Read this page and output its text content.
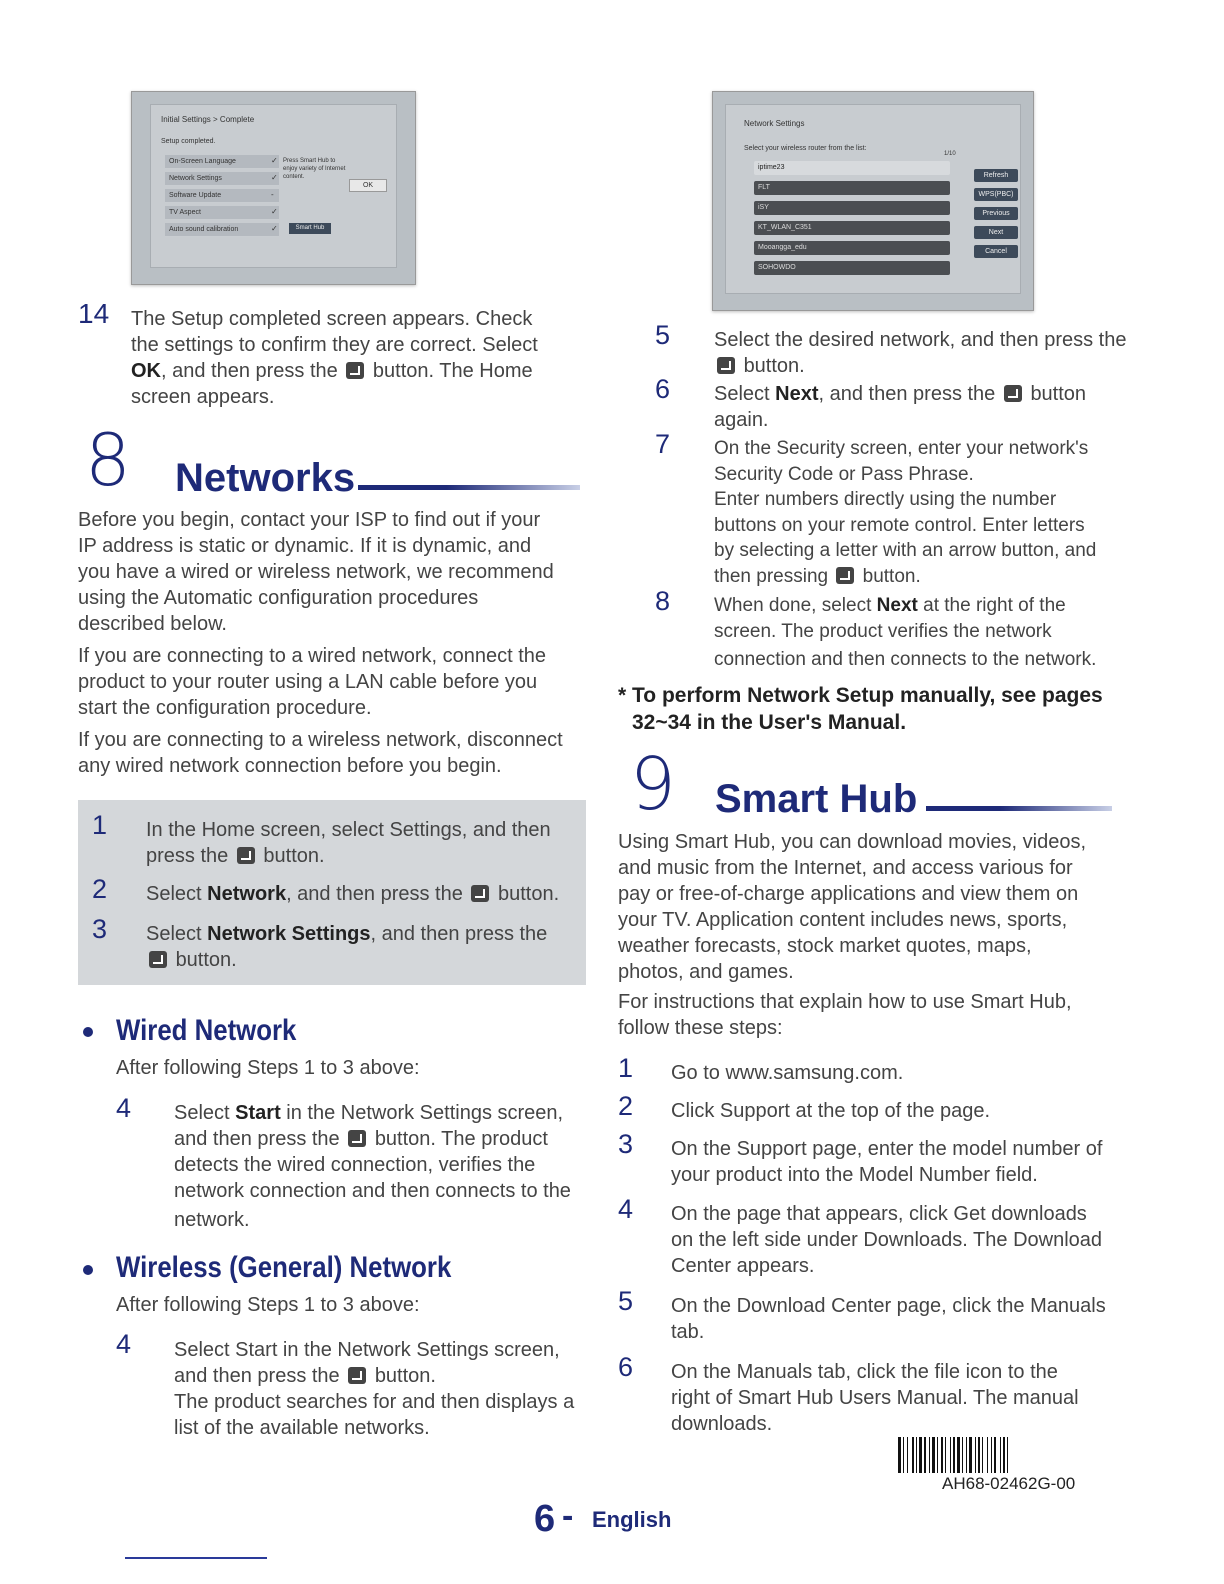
Initial Settings > Complete
Setup completed.
On-Screen Language
Network Settings
Software Update
TV Aspect
Auto sound calibration
✓
✓
-
✓
✓
Press Smart Hub to enjoy variety of Internet content.
OK
Smart Hub
Network Settings
Select your wireless router from the list:
1/10
iptime23
FLT
iSY
KT_WLAN_C351
Mooangga_edu
SOHOWDO
Refresh
WPS(PBC)
Previous
Next
Cancel
14 The Setup completed screen appears. Check
the settings to confirm they are correct. Select
OK, and then press the button. The Home
screen appears.
8 Networks
Before you begin, contact your ISP to find out if your
IP address is static or dynamic. If it is dynamic, and
you have a wired or wireless network, we recommend
using the Automatic configuration procedures
described below.
If you are connecting to a wired network, connect the
product to your router using a LAN cable before you
start the configuration procedure.
If you are connecting to a wireless network, disconnect
any wired network connection before you begin.
1 In the Home screen, select Settings, and then
press the button.
2 Select Network, and then press the button.
3 Select Network Settings, and then press the
button.
Wired Network
After following Steps 1 to 3 above:
4 Select Start in the Network Settings screen,
and then press the button. The product
detects the wired connection, verifies the
network connection and then connects to the
network.
Wireless (General) Network
After following Steps 1 to 3 above:
4 Select Start in the Network Settings screen,
and then press the button.
The product searches for and then displays a
list of the available networks.
5 Select the desired network, and then press the
button.
6 Select Next, and then press the button
again.
7 On the Security screen, enter your network's
Security Code or Pass Phrase.
Enter numbers directly using the number
buttons on your remote control. Enter letters
by selecting a letter with an arrow button, and
then pressing button.
8 When done, select Next at the right of the
screen. The product verifies the network
connection and then connects to the network.
* To perform Network Setup manually, see pages
32~34 in the User's Manual.
9 Smart Hub
Using Smart Hub, you can download movies, videos,
and music from the Internet, and access various for
pay or free-of-charge applications and view them on
your TV. Application content includes news, sports,
weather forecasts, stock market quotes, maps,
photos, and games.
For instructions that explain how to use Smart Hub,
follow these steps:
1 Go to www.samsung.com.
2 Click Support at the top of the page.
3 On the Support page, enter the model number of
your product into the Model Number field.
4 On the page that appears, click Get downloads
on the left side under Downloads. The Download
Center appears.
5 On the Download Center page, click the Manuals
tab.
6 On the Manuals tab, click the file icon to the
right of Smart Hub Users Manual. The manual
downloads.
AH68-02462G-00
6 - English
